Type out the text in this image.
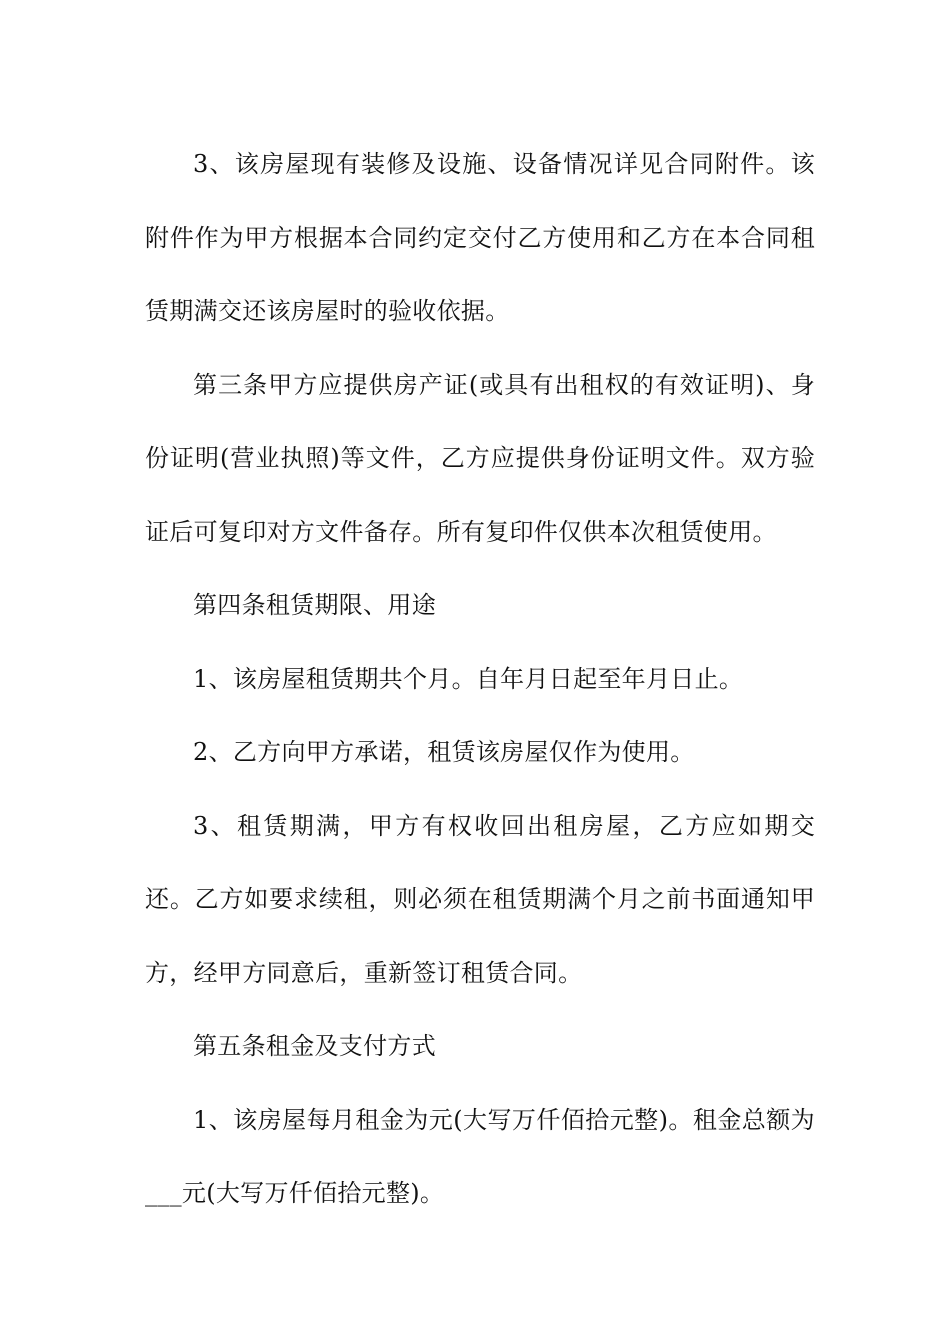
3、该房屋现有装修及设施、设备情况详见合同附件。该附件作为甲方根据本合同约定交付乙方使用和乙方在本合同租赁期满交还该房屋时的验收依据。

第三条甲方应提供房产证(或具有出租权的有效证明)、身份证明(营业执照)等文件，乙方应提供身份证明文件。双方验证后可复印对方文件备存。所有复印件仅供本次租赁使用。

第四条租赁期限、用途

1、该房屋租赁期共个月。自年月日起至年月日止。

2、乙方向甲方承诺，租赁该房屋仅作为使用。

3、租赁期满，甲方有权收回出租房屋，乙方应如期交还。乙方如要求续租，则必须在租赁期满个月之前书面通知甲方，经甲方同意后，重新签订租赁合同。

第五条租金及支付方式

1、该房屋每月租金为元(大写万仟佰拾元整)。租金总额为___元(大写万仟佰拾元整)。
